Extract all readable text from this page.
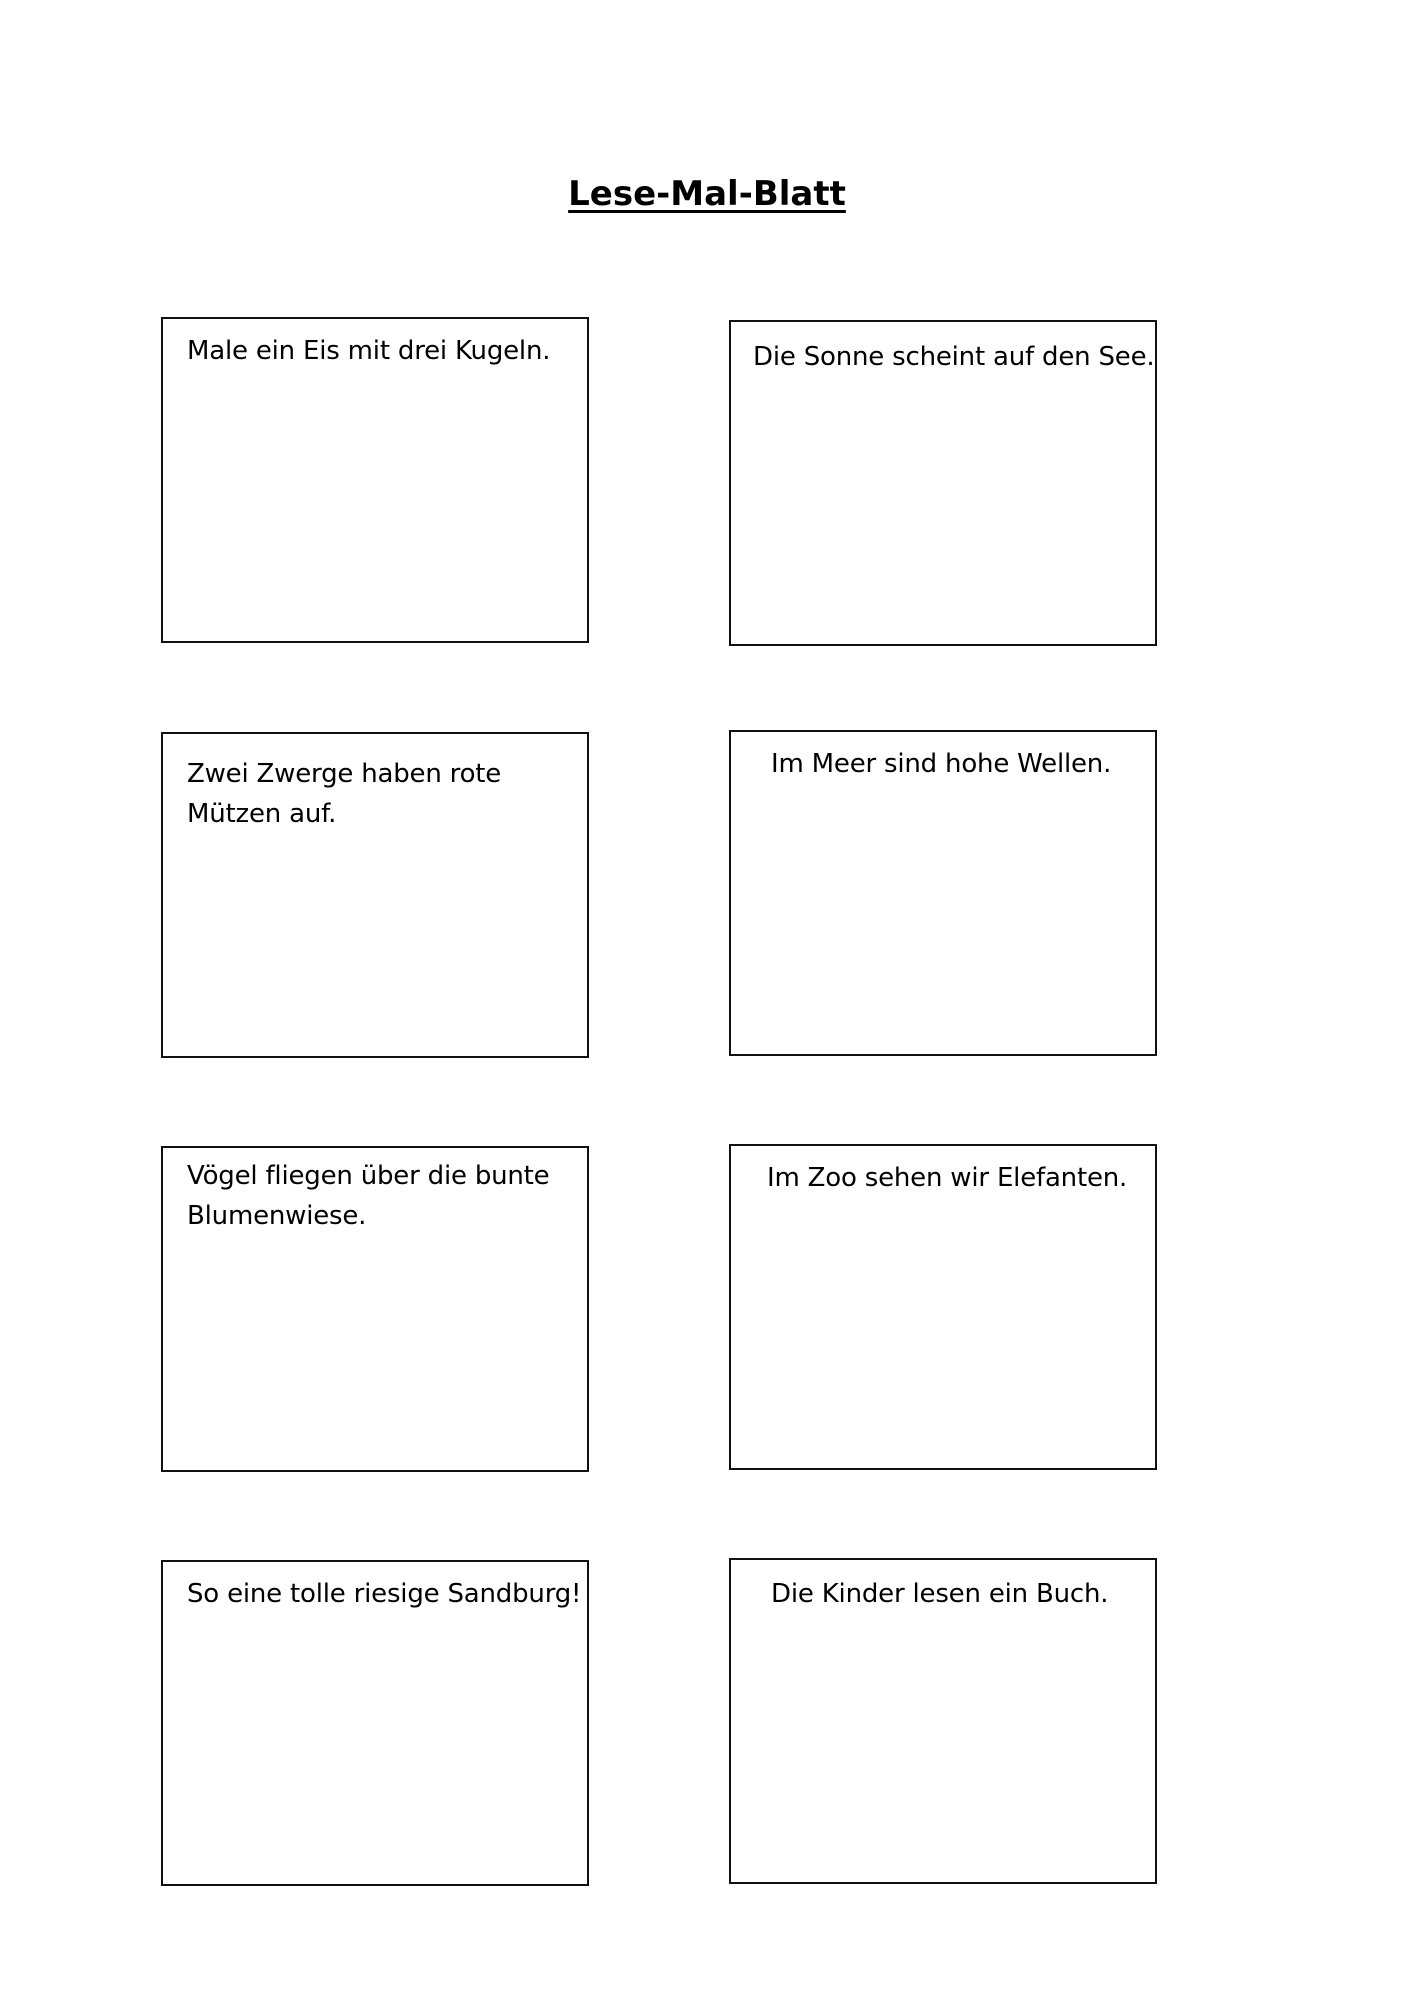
Lese-Mal-Blatt

Male ein Eis mit drei Kugeln.	Die Sonne scheint auf den See.

Zwei Zwerge haben rote
Mützen auf.

Im Meer sind hohe Wellen.

Vögel fliegen über die bunte
Blumenwiese.

Im Zoo sehen wir Elefanten.

So eine tolle riesige Sandburg!	Die Kinder lesen ein Buch.
